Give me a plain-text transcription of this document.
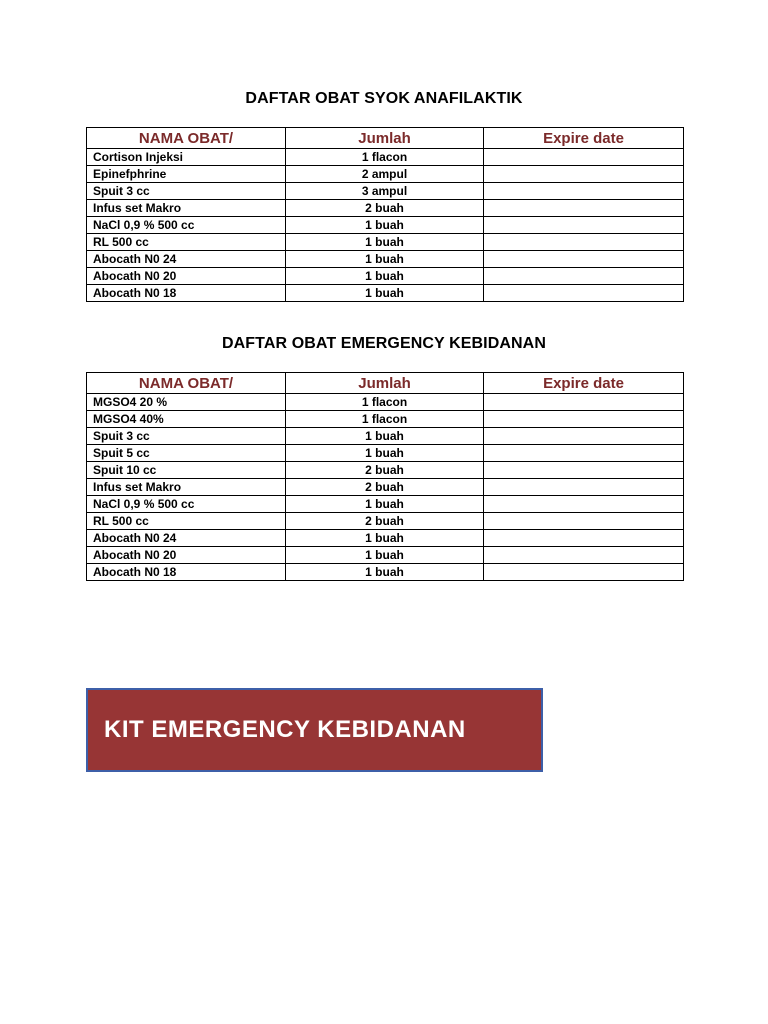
DAFTAR OBAT SYOK ANAFILAKTIK
NAMA OBAT/	Jumlah	Expire date
Cortison Injeksi	1 flacon	
Epinefphrine	2 ampul	
Spuit 3 cc	3 ampul	
Infus set Makro	2 buah	
NaCl 0,9 % 500 cc	1 buah	
RL 500 cc	1 buah	
Abocath N0 24	1 buah	
Abocath N0 20	1 buah	
Abocath N0 18	1 buah	
DAFTAR OBAT EMERGENCY KEBIDANAN
NAMA OBAT/	Jumlah	Expire date
MGSO4 20 %	1 flacon	
MGSO4 40%	1 flacon	
Spuit 3 cc	1 buah	
Spuit 5 cc	1 buah	
Spuit 10 cc	2 buah	
Infus set Makro	2 buah	
NaCl 0,9 % 500 cc	1 buah	
RL 500 cc	2 buah	
Abocath N0 24	1 buah	
Abocath N0 20	1 buah	
Abocath N0 18	1 buah	
KIT EMERGENCY KEBIDANAN
